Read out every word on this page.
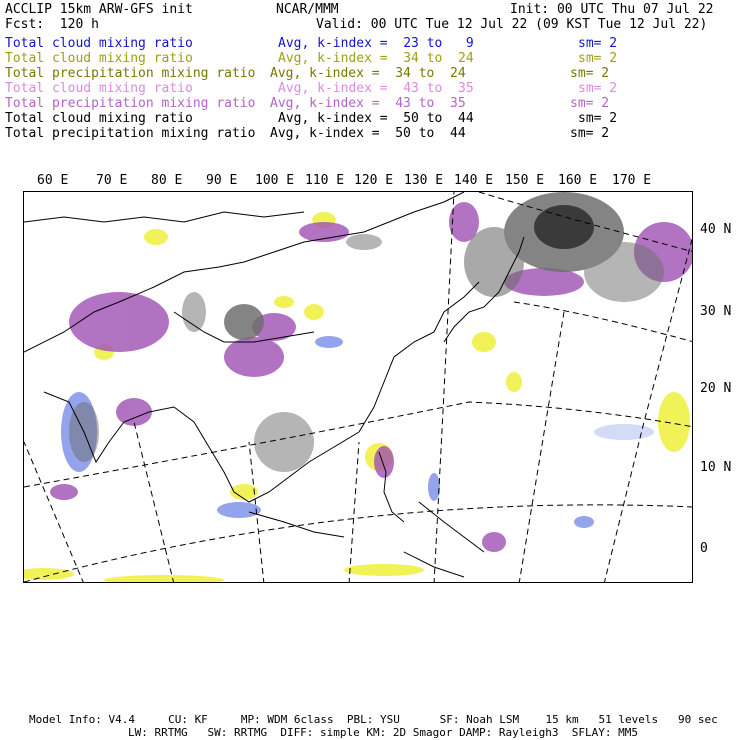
ACCLIP 15km ARW-GFS init	NCAR/MMM	Init: 00 UTC Thu 07 Jul 22
Fcst:  120 h	Valid: 00 UTC Tue 12 Jul 22 (09 KST Tue 12 Jul 22)
Total cloud mixing ratio	Avg, k-index =  23 to   9	sm= 2
Total cloud mixing ratio	Avg, k-index =  34 to  24	sm= 2
Total precipitation mixing ratio Avg, k-index =  34 to  24	sm= 2
Total cloud mixing ratio	Avg, k-index =  43 to  35	sm= 2
Total precipitation mixing ratio Avg, k-index =  43 to  35	sm= 2
Total cloud mixing ratio	Avg, k-index =  50 to  44	sm= 2
Total precipitation mixing ratio Avg, k-index =  50 to  44	sm= 2
60 E 70 E 80 E 90 E 100 E 110 E 120 E 130 E 140 E 150 E 160 E 170 E
40 N
30 N
20 N
10 N
0
Model Info: V4.4     CU: KF     MP: WDM 6class  PBL: YSU      SF: Noah LSM    15 km   51 levels   90 sec
LW: RRTMG   SW: RRTMG  DIFF: simple KM: 2D Smagor DAMP: Rayleigh3  SFLAY: MM5
